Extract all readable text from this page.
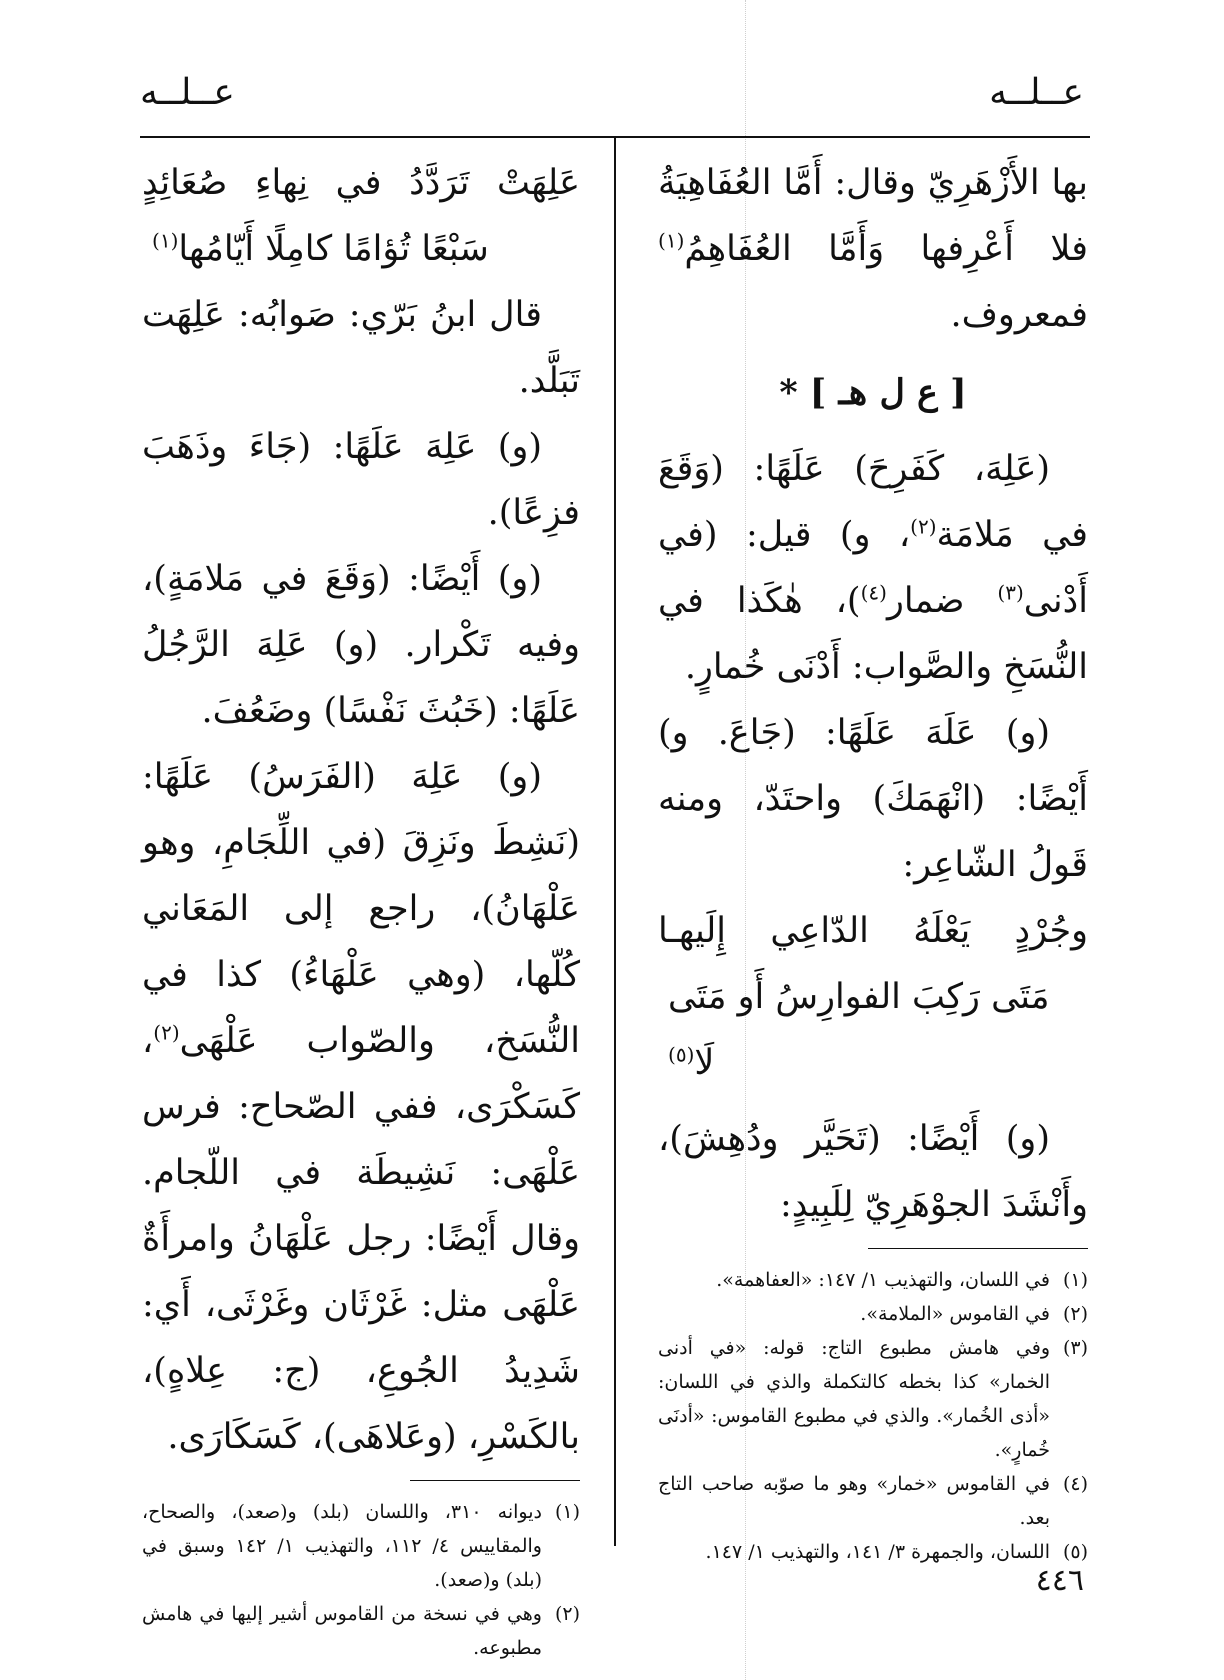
عــلــه
عــلــه

بها الأَزْهَرِيّ وقال: أَمَّا العُفَاهِيَةُ فلا أَعْرِفها وَأَمَّا العُفَاهِمُ$^{(١)}$ فمعروف.

[ ع ل هـ ] *

(عَلِهَ، كَفَرِحَ) عَلَهًا: (وَقَعَ في مَلامَة$^{(٢)}$، و) قيل: (في أَدْنى$^{(٣)}$ ضمار$^{(٤)}$)، هٰكَذا في النُّسَخِ والصَّواب: أَدْنَى خُمارٍ.

(و) عَلَهَ عَلَهًا: (جَاعَ. و) أَيْضًا: (انْهَمَكَ) واحتَدّ، ومنه قَولُ الشّاعِر:

وجُرْدٍ يَعْلَهُ الدّاعِي إِلَيهـا

مَتَى رَكِبَ الفوارِسُ أَو مَتَى لَا$^{(٥)}$

(و) أَيْضًا: (تَحَيَّر ودُهِشَ)، وأَنْشَدَ الجوْهَرِيّ لِلَبِيدٍ:

(١)
في اللسان، والتهذيب ١/ ١٤٧: «العفاهمة».
(٢)
في القاموس «الملامة».
(٣)
وفي هامش مطبوع التاج: قوله: «في أدنى الخمار» كذا بخطه كالتكملة والذي في اللسان: «أذى الخُمار». والذي في مطبوع القاموس: «أدنَى خُمارٍ».
(٤)
في القاموس «خمار» وهو ما صوّبه صاحب التاج بعد.
(٥)
اللسان، والجمهرة ٣/ ١٤١، والتهذيب ١/ ١٤٧.

عَلِهَتْ تَرَدَّدُ في نِهاءِ صُعَائِدٍ

سَبْعًا تُؤامًا كامِلًا أَيّامُها$^{(١)}$

قال ابنُ بَرّي: صَوابُه: عَلِهَت تَبَلَّد.

(و) عَلِهَ عَلَهًا: (جَاءَ وذَهَبَ فزِعًا).

(و) أَيْضًا: (وَقَعَ في مَلامَةٍ)، وفيه تَكْرار. (و) عَلِهَ الرَّجُلُ عَلَهًا: (خَبُثَ نَفْسًا) وضَعُفَ.

(و) عَلِهَ (الفَرَسُ) عَلَهًا: (نَشِطَ ونَزِقَ (في اللِّجَامِ، وهو عَلْهَانُ)، راجع إلى المَعَاني كُلّها، (وهي عَلْهَاءُ) كذا في النُّسَخ، والصّواب عَلْهَى$^{(٢)}$، كَسَكْرَى، ففي الصّحاح: فرس عَلْهَى: نَشِيطَة في اللّجام. وقال أَيْضًا: رجل عَلْهَانُ وامرأَةٌ عَلْهَى مثل: غَرْثَان وغَرْثَى، أَي: شَدِيدُ الجُوعِ، (ج: عِلاهٍ)، بالكَسْرِ، (وعَلاهَى)، كَسَكَارَى.

(١)
ديوانه ٣١٠، واللسان (بلد) و(صعد)، والصحاح، والمقاييس ٤/ ١١٢، والتهذيب ١/ ١٤٢ وسبق في (بلد) و(صعد).
(٢)
وهي في نسخة من القاموس أشير إليها في هامش مطبوعه.
٤٤٦
